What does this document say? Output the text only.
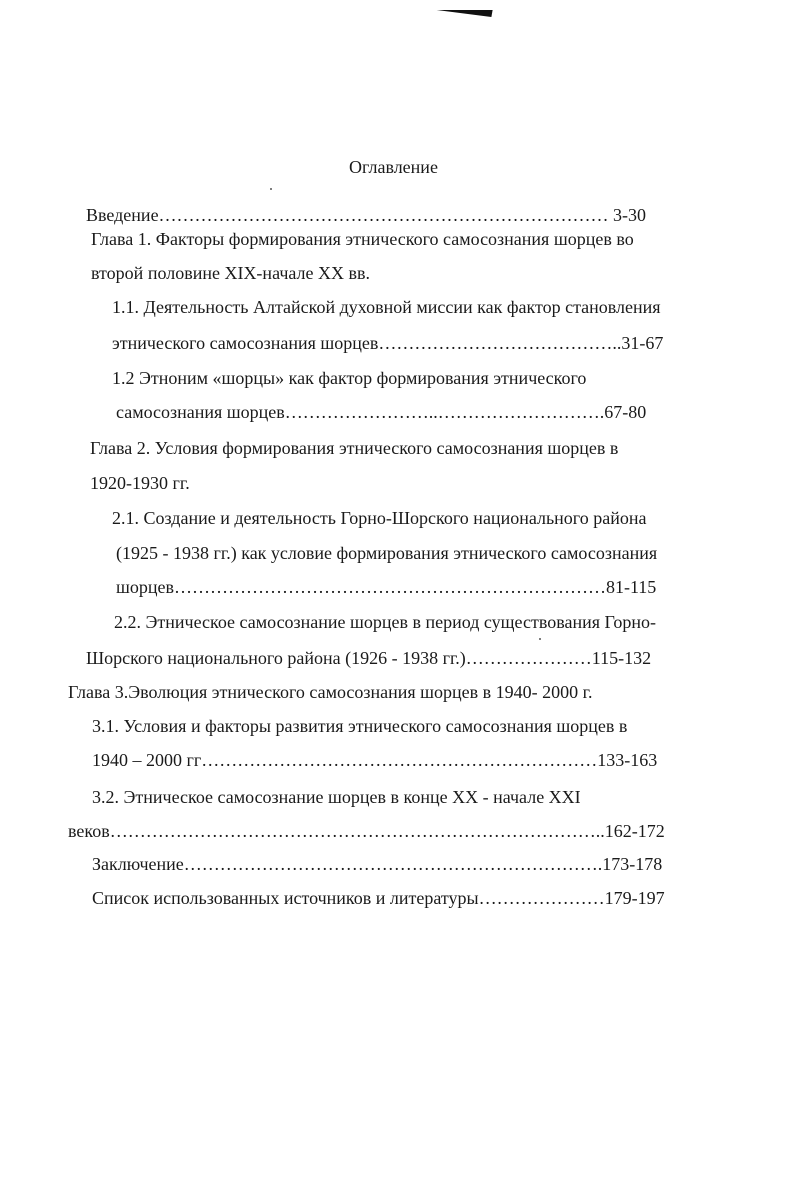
Оглавление
Введение………………………………………………………………… 3-30
Глава 1. Факторы формирования этнического самосознания шорцев во
второй половине XIX-начале XX вв.
1.1. Деятельность Алтайской духовной миссии как фактор становления
этнического самосознания шорцев…………………………………..31-67
1.2 Этноним «шорцы» как фактор формирования этнического
самосознания шорцев……………………..……………………….67-80
Глава 2. Условия формирования этнического самосознания шорцев в
1920-1930 гг.
2.1. Создание и деятельность Горно-Шорского национального района
(1925 - 1938 гг.) как условие формирования этнического самосознания
шорцев………………………………………………………………81-115
2.2. Этническое самосознание шорцев в период существования Горно-
Шорского национального района (1926 - 1938 гг.)…………………115-132
Глава 3.Эволюция этнического самосознания шорцев в 1940- 2000 г.
3.1. Условия и факторы развития этнического самосознания шорцев в
1940 – 2000 гг…………………………………………………………133-163
3.2. Этническое самосознание шорцев в конце XX - начале XXI
веков………………………………………………………………………..162-172
Заключение…………………………………………………………….173-178
Список использованных источников и литературы…………………179-197
